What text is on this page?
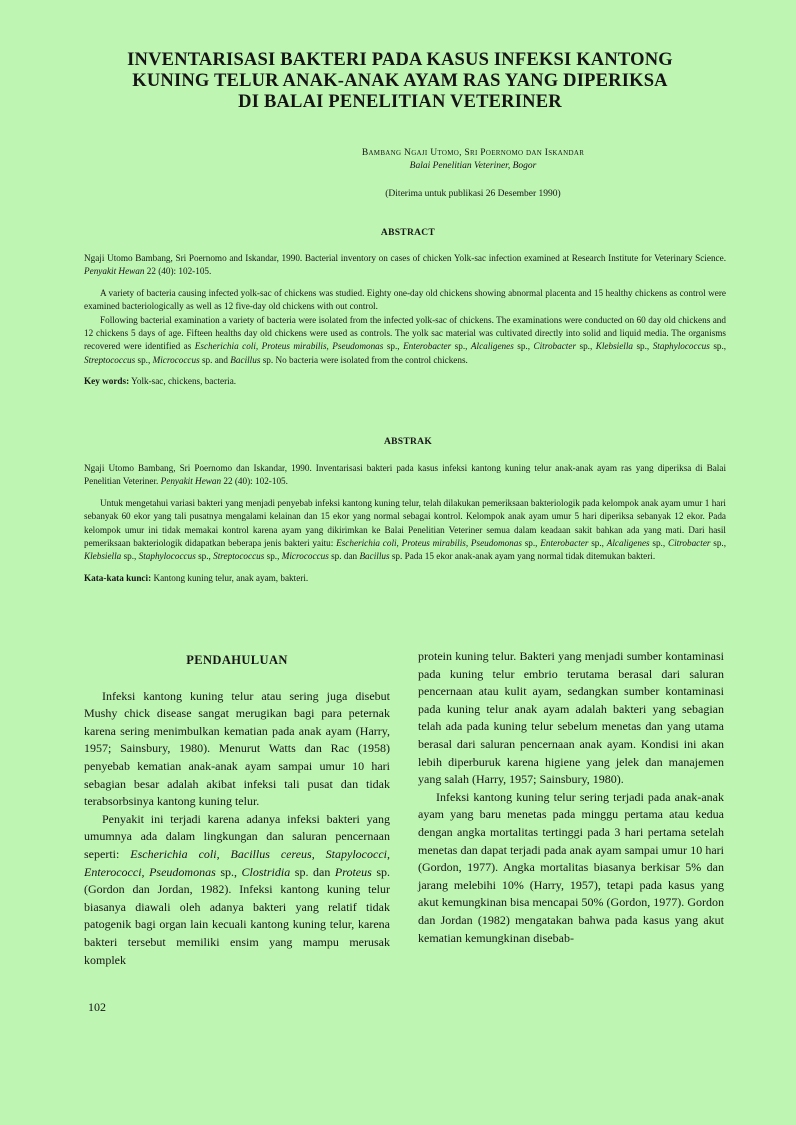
INVENTARISASI BAKTERI PADA KASUS INFEKSI KANTONG
KUNING TELUR ANAK-ANAK AYAM RAS YANG DIPERIKSA
DI BALAI PENELITIAN VETERINER
Bambang Ngaji Utomo, Sri Poernomo dan Iskandar
Balai Penelitian Veteriner, Bogor
(Diterima untuk publikasi 26 Desember 1990)
ABSTRACT

Ngaji Utomo Bambang, Sri Poernomo and Iskandar, 1990. Bacterial inventory on cases of chicken Yolk-sac infection examined at Research Institute for Veterinary Science. Penyakit Hewan 22 (40): 102-105.

A variety of bacteria causing infected yolk-sac of chickens was studied. Eighty one-day old chickens showing abnormal placenta and 15 healthy chickens as control were examined bacteriologically as well as 12 five-day old chickens with out control.

Following bacterial examination a variety of bacteria were isolated from the infected yolk-sac of chickens. The examinations were conducted on 60 day old chickens and 12 chickens 5 days of age. Fifteen healths day old chickens were used as controls. The yolk sac material was cultivated directly into solid and liquid media. The organisms recovered were identified as Escherichia coli, Proteus mirabilis, Pseudomonas sp., Enterobacter sp., Alcaligenes sp., Citrobacter sp., Klebsiella sp., Staphylococcus sp., Streptococcus sp., Micrococcus sp. and Bacillus sp. No bacteria were isolated from the control chickens.

Key words: Yolk-sac, chickens, bacteria.

ABSTRAK

Ngaji Utomo Bambang, Sri Poernomo dan Iskandar, 1990. Inventarisasi bakteri pada kasus infeksi kantong kuning telur anak-anak ayam ras yang diperiksa di Balai Penelitian Veteriner. Penyakit Hewan 22 (40): 102-105.

Untuk mengetahui variasi bakteri yang menjadi penyebab infeksi kantong kuning telur, telah dilakukan pemeriksaan bakteriologik pada kelompok anak ayam umur 1 hari sebanyak 60 ekor yang tali pusatnya mengalami kelainan dan 15 ekor yang normal sebagai kontrol. Kelompok anak ayam umur 5 hari diperiksa sebanyak 12 ekor. Pada kelompok umur ini tidak memakai kontrol karena ayam yang dikirimkan ke Balai Penelitian Veteriner semua dalam keadaan sakit bahkan ada yang mati. Dari hasil pemeriksaan bakteriologik didapatkan beberapa jenis bakteri yaitu: Escherichia coli, Proteus mirabilis, Pseudomonas sp., Enterobacter sp., Alcaligenes sp., Citrobacter sp., Klebsiella sp., Staphylococcus sp., Streptococcus sp., Micrococcus sp. dan Bacillus sp. Pada 15 ekor anak-anak ayam yang normal tidak ditemukan bakteri.

Kata-kata kunci: Kantong kuning telur, anak ayam, bakteri.

PENDAHULUAN

Infeksi kantong kuning telur atau sering juga disebut Mushy chick disease sangat merugikan bagi para peternak karena sering menimbulkan kematian pada anak ayam (Harry, 1957; Sainsbury, 1980). Menurut Watts dan Rac (1958) penyebab kematian anak-anak ayam sampai umur 10 hari sebagian besar adalah akibat infeksi tali pusat dan tidak terabsorbsinya kantong kuning telur.

Penyakit ini terjadi karena adanya infeksi bakteri yang umumnya ada dalam lingkungan dan saluran pencernaan seperti: Escherichia coli, Bacillus cereus, Stapylococci, Enterococci, Pseudomonas sp., Clostridia sp. dan Proteus sp. (Gordon dan Jordan, 1982). Infeksi kantong kuning telur biasanya diawali oleh adanya bakteri yang relatif tidak patogenik bagi organ lain kecuali kantong kuning telur, karena bakteri tersebut memiliki ensim yang mampu merusak komplek

protein kuning telur. Bakteri yang menjadi sumber kontaminasi pada kuning telur embrio terutama berasal dari saluran pencernaan atau kulit ayam, sedangkan sumber kontaminasi pada kuning telur anak ayam adalah bakteri yang sebagian telah ada pada kuning telur sebelum menetas dan yang utama berasal dari saluran pencernaan anak ayam. Kondisi ini akan lebih diperburuk karena higiene yang jelek dan manajemen yang salah (Harry, 1957; Sainsbury, 1980).

Infeksi kantong kuning telur sering terjadi pada anak-anak ayam yang baru menetas pada minggu pertama atau kedua dengan angka mortalitas tertinggi pada 3 hari pertama setelah menetas dan dapat terjadi pada anak ayam sampai umur 10 hari (Gordon, 1977). Angka mortalitas biasanya berkisar 5% dan jarang melebihi 10% (Harry, 1957), tetapi pada kasus yang akut kemungkinan bisa mencapai 50% (Gordon, 1977). Gordon dan Jordan (1982) mengatakan bahwa pada kasus yang akut kematian kemungkinan disebab-

102
